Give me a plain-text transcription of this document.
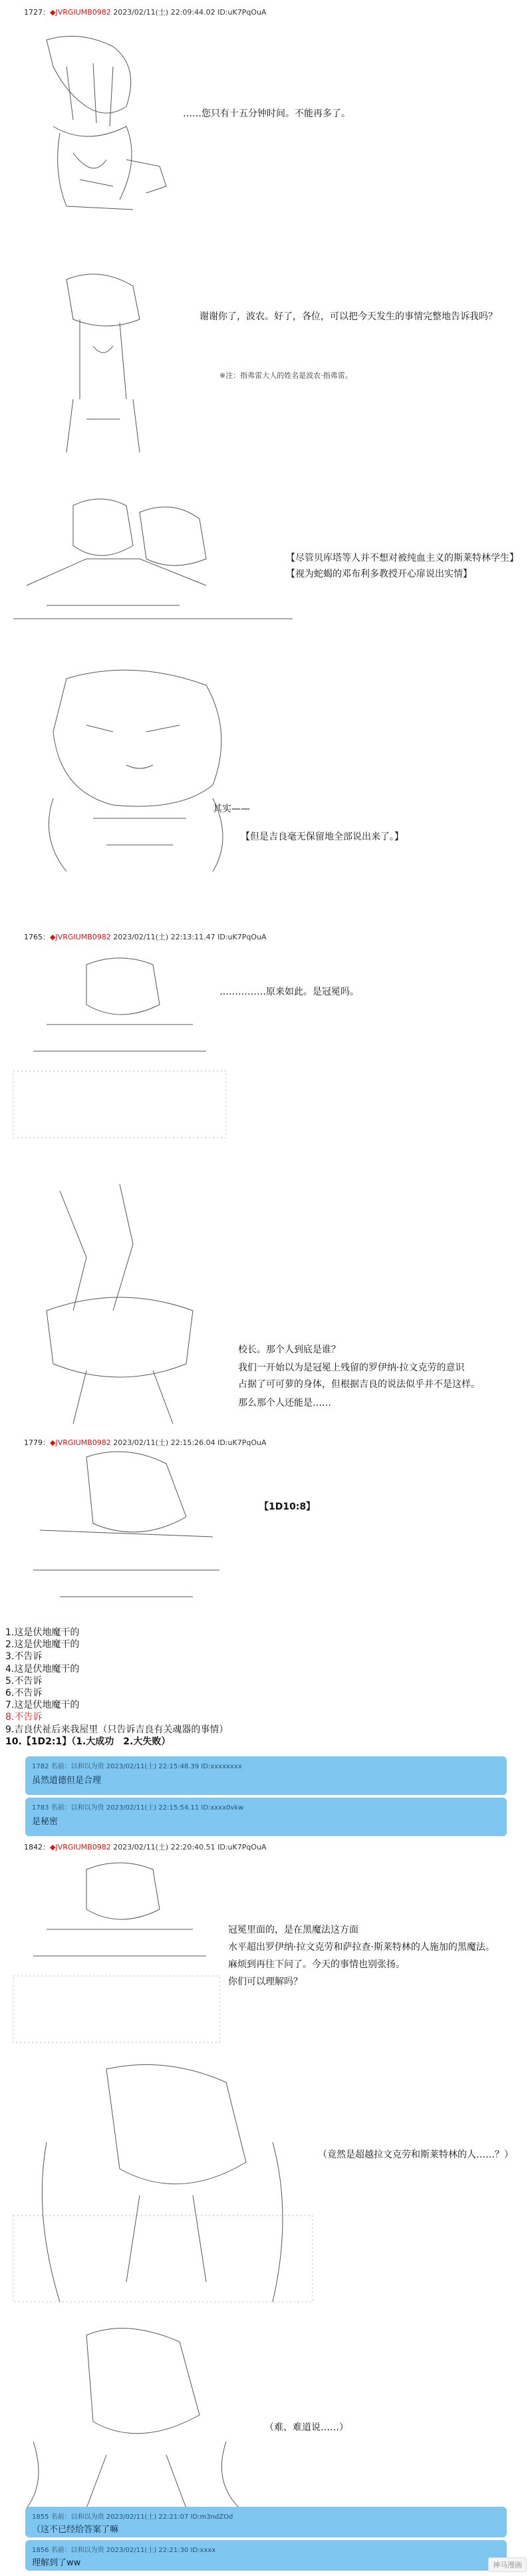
1727：◆JVRGIUMB0982 2023/02/11(土) 22:09:44.02 ID:uK7PqOuA
……您只有十五分钟时间。不能再多了。
谢谢你了，波农。好了，各位，可以把今天发生的事情完整地告诉我吗？
※注：指弗雷大人的姓名是波农·指弗雷。
【尽管贝库塔等人并不想对被纯血主义的斯莱特林学生】
【视为蛇蝎的邓布利多教授开心扉说出实情】
其实——
【但是吉良毫无保留地全部说出来了。】
1765：◆JVRGIUMB0982 2023/02/11(土) 22:13:11.47 ID:uK7PqOuA
……………原来如此。是冠冕吗。
校长。那个人到底是谁？
我们一开始以为是冠冕上残留的罗伊纳·拉文克劳的意识
占据了可可萝的身体，但根据吉良的说法似乎并不是这样。
那么那个人还能是……
1779：◆JVRGIUMB0982 2023/02/11(土) 22:15:26.04 ID:uK7PqOuA
【1D10:8】
1.这是伏地魔干的
2.这是伏地魔干的
3.不告诉
4.这是伏地魔干的
5.不告诉
6.不告诉
7.这是伏地魔干的
8.不告诉
9.吉良伏祉后来我屋里（只告诉吉良有关魂器的事情）
10.【1D2:1】（1.大成功　2.大失败）
1782 名前：以和以为贵 2023/02/11(土) 22:15:48.39 ID:xxxxxxxx
虽然道德但是合理
1783 名前：以和以为贵 2023/02/11(土) 22:15:54.11 ID:xxxx0vkw
是秘密
1842：◆JVRGIUMB0982 2023/02/11(土) 22:20:40.51 ID:uK7PqOuA
冠冕里面的，是在黑魔法这方面
水平超出罗伊纳·拉文克劳和萨拉查·斯莱特林的人施加的黑魔法。
麻烦到再往下问了。今天的事情也别张扬。
你们可以理解吗？
（竟然是超越拉文克劳和斯莱特林的人……？）
（难、难道说……）
1855 名前：以和以为贵 2023/02/11(土) 22:21:07 ID:m3ndZOd
（这不已经给答案了嘛
1856 名前：以和以为贵 2023/02/11(土) 22:21:30 ID:xxxx
理解到了ww	神马漫画
